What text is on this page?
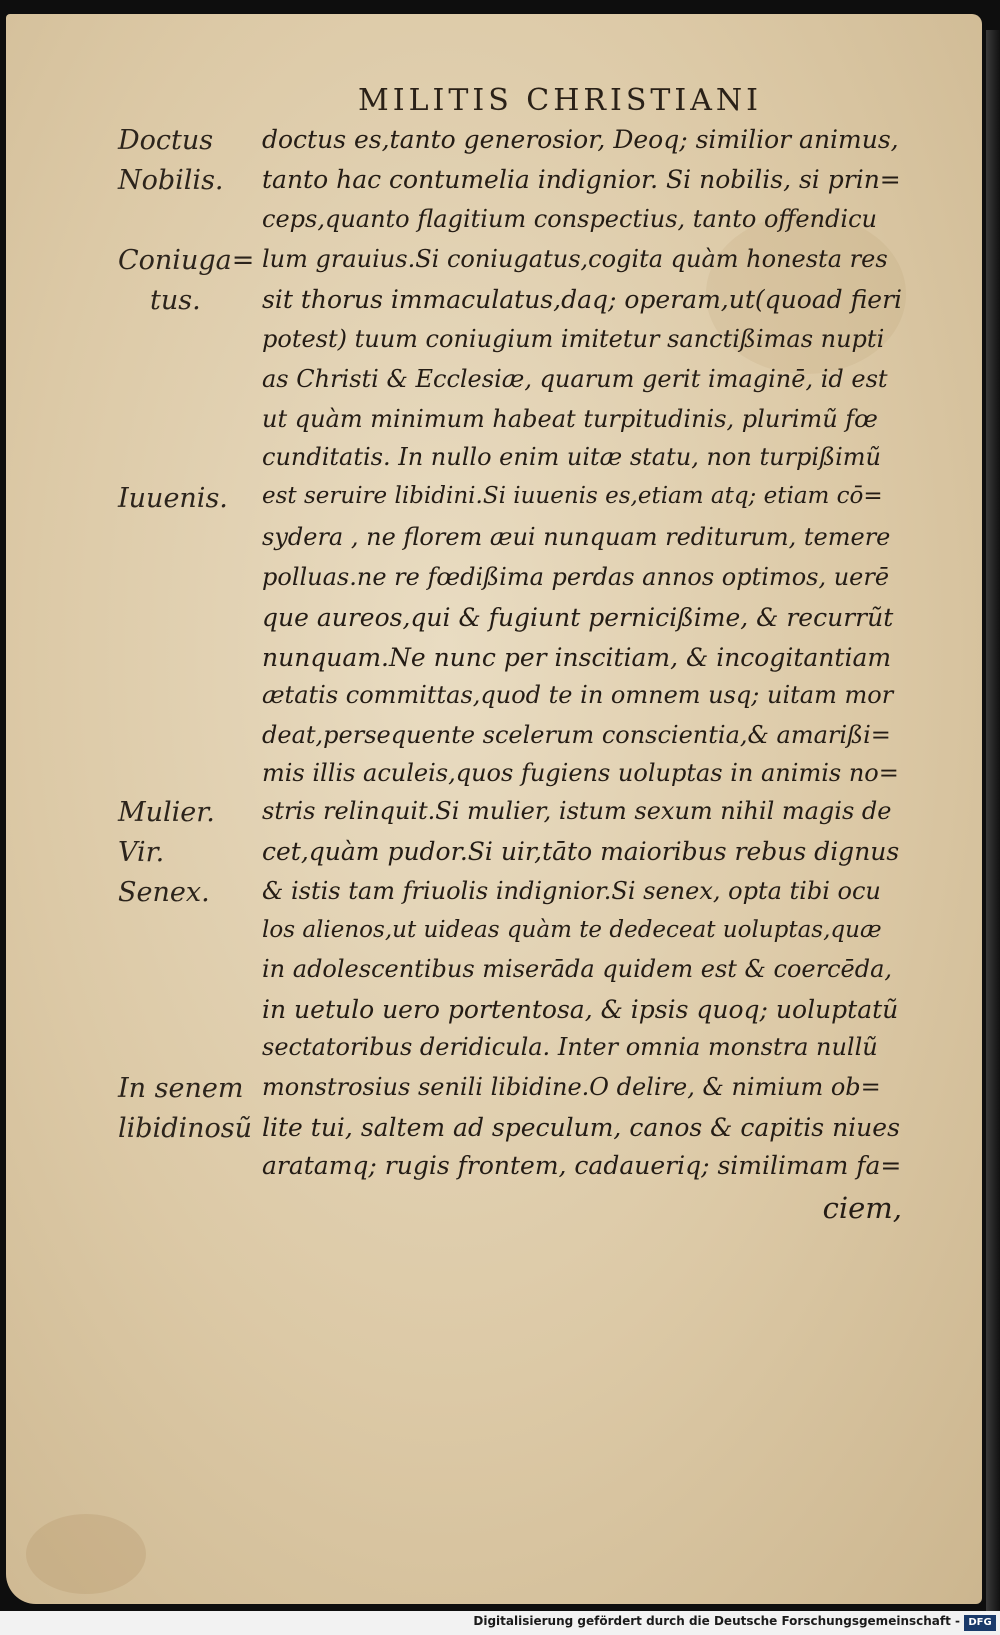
MILITIS CHRISTIANI
Doctus
Nobilis.
Coniuga=
tus.
Iuuenis.
Mulier.
Vir.
Senex.
In senem
libidinosũ
doctus es,tanto generosior, Deoq; similior animus,
tanto hac contumelia indignior. Si nobilis, si prin=
ceps,quanto flagitium conspectius, tanto offendicu
lum grauius.Si coniugatus,cogita quàm honesta res
sit thorus immaculatus,daq; operam,ut(quoad fieri
potest) tuum coniugium imitetur sanctißimas nupti
as Christi & Ecclesiæ, quarum gerit imaginē, id est
ut quàm minimum habeat turpitudinis, plurimũ fœ
cunditatis. In nullo enim uitæ statu, non turpißimũ
est seruire libidini.Si iuuenis es,etiam atq; etiam cō=
sydera , ne florem æui nunquam rediturum, temere
polluas.ne re fœdißima perdas annos optimos, uerē
que aureos,qui & fugiunt pernicißime, & recurrũt
nunquam.Ne nunc per inscitiam, & incogitantiam
ætatis committas,quod te in omnem usq; uitam mor
deat,persequente scelerum conscientia,& amarißi=
mis illis aculeis,quos fugiens uoluptas in animis no=
stris relinquit.Si mulier, istum sexum nihil magis de
cet,quàm pudor.Si uir,tāto maioribus rebus dignus
& istis tam friuolis indignior.Si senex, opta tibi ocu
los alienos,ut uideas quàm te dedeceat uoluptas,quæ
in adolescentibus miserāda quidem est & coercēda,
in uetulo uero portentosa, & ipsis quoq; uoluptatũ
sectatoribus deridicula. Inter omnia monstra nullũ
monstrosius senili libidine.O delire, & nimium ob=
lite tui, saltem ad speculum, canos & capitis niues
aratamq; rugis frontem, cadaueriq; similimam fa=
ciem,
Digitalisierung gefördert durch die Deutsche Forschungsgemeinschaft - DFG
